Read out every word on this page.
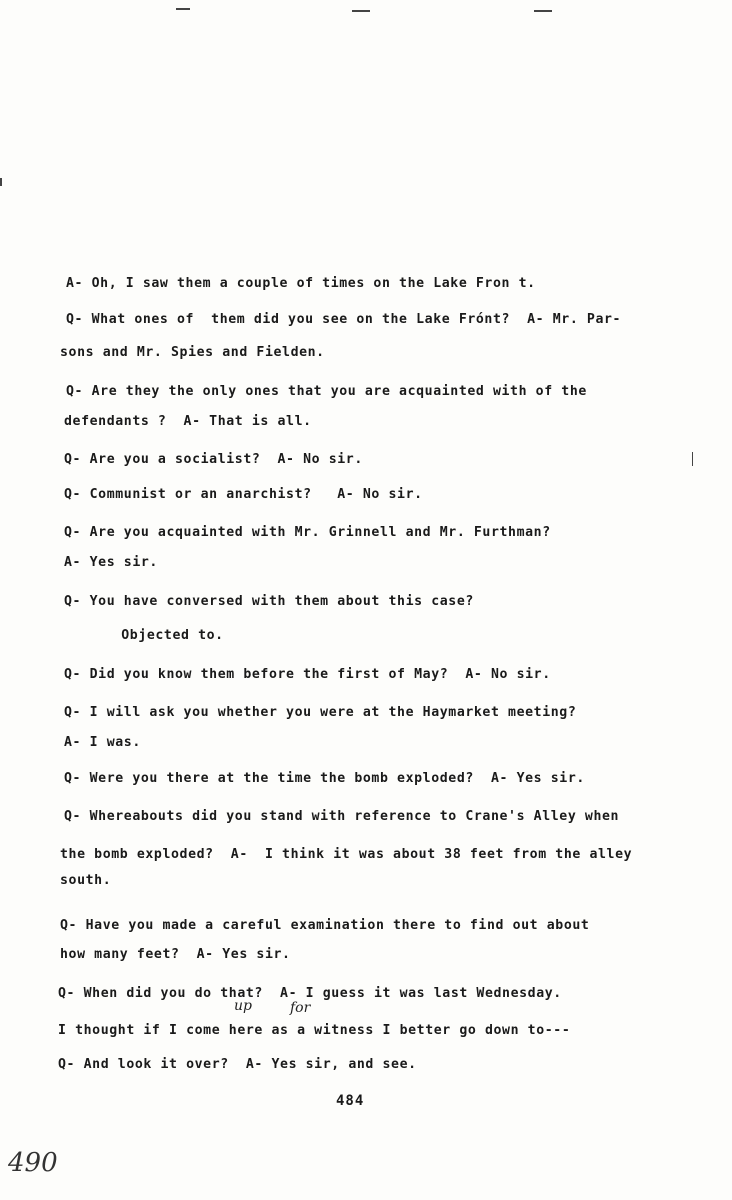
A- Oh, I saw them a couple of times on the Lake Fron t.
Q- What ones of  them did you see on the Lake Frónt?  A- Mr. Par-
sons and Mr. Spies and Fielden.
Q- Are they the only ones that you are acquainted with of the
defendants ?  A- That is all.
Q- Are you a socialist?  A- No sir.
Q- Communist or an anarchist?   A- No sir.
Q- Are you acquainted with Mr. Grinnell and Mr. Furthman?
A- Yes sir.
Q- You have conversed with them about this case?
Objected to.
Q- Did you know them before the first of May?  A- No sir.
Q- I will ask you whether you were at the Haymarket meeting?
A- I was.
Q- Were you there at the time the bomb exploded?  A- Yes sir.
Q- Whereabouts did you stand with reference to Crane's Alley when
the bomb exploded?  A-  I think it was about 38 feet from the alley
south.
Q- Have you made a careful examination there to find out about
how many feet?  A- Yes sir.
Q- When did you do that?  A- I guess it was last Wednesday.
I thought if I come here as a witness I better go down to---
Q- And look it over?  A- Yes sir, and see.
up	for
484
490
